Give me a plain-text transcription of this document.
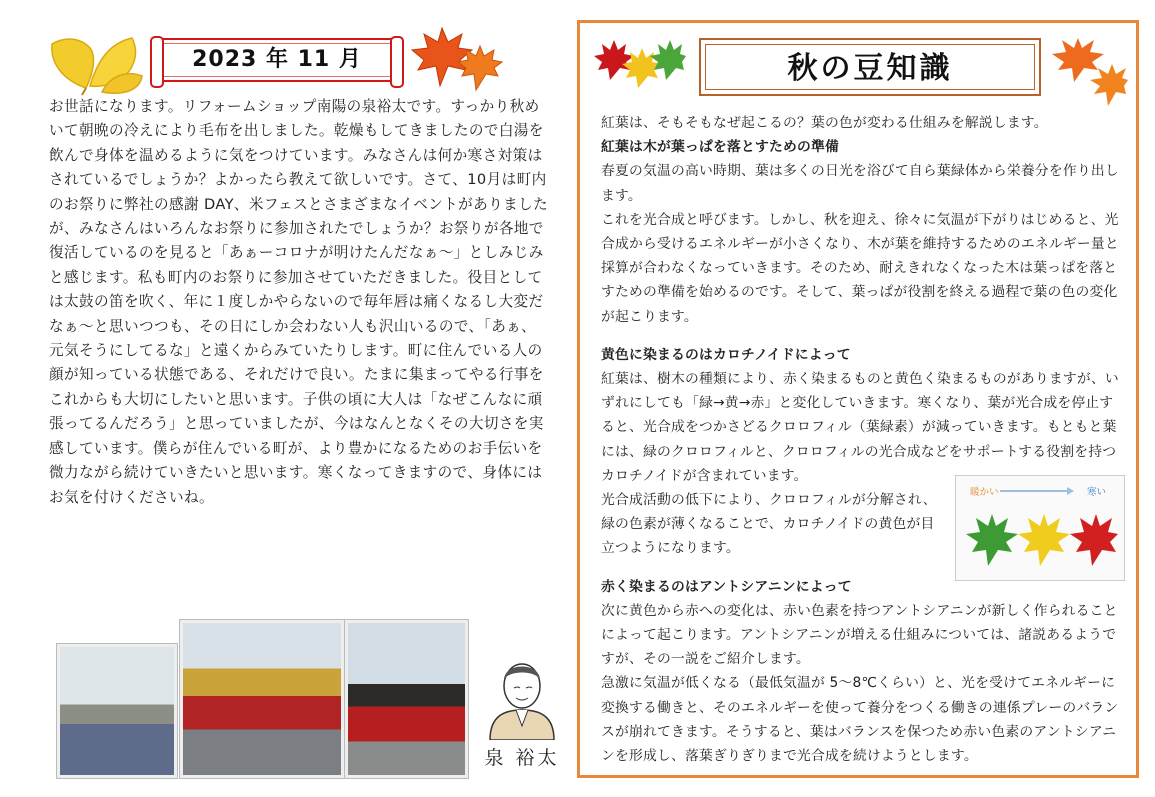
2023 年 11 月

お世話になります。リフォームショップ南陽の泉裕太です。すっかり秋めいて朝晩の冷えにより毛布を出しました。乾燥もしてきましたので白湯を飲んで身体を温めるように気をつけています。みなさんは何か寒さ対策はされているでしょうか？よかったら教えて欲しいです。さて、10月は町内のお祭りに弊社の感謝 DAY、米フェスとさまざまなイベントがありましたが、みなさんはいろんなお祭りに参加されたでしょうか？お祭りが各地で復活しているのを見ると「あぁーコロナが明けたんだなぁ～」としみじみと感じます。私も町内のお祭りに参加させていただきました。役目としては太鼓の笛を吹く、年に１度しかやらないので毎年唇は痛くなるし大変だなぁ～と思いつつも、その日にしか会わない人も沢山いるので、「あぁ、元気そうにしてるな」と遠くからみていたりします。町に住んでいる人の顔が知っている状態である、それだけで良い。たまに集まってやる行事をこれからも大切にしたいと思います。子供の頃に大人は「なぜこんなに頑張ってるんだろう」と思っていましたが、今はなんとなくその大切さを実感しています。僕らが住んでいる町が、より豊かになるためのお手伝いを微力ながら続けていきたいと思います。寒くなってきますので、身体にはお気を付けくださいね。

泉 裕太
秋の豆知識

紅葉は、そもそもなぜ起こるの？葉の色が変わる仕組みを解説します。

紅葉は木が葉っぱを落とすための準備

春夏の気温の高い時期、葉は多くの日光を浴びて自ら葉緑体から栄養分を作り出します。

これを光合成と呼びます。しかし、秋を迎え、徐々に気温が下がりはじめると、光合成から受けるエネルギーが小さくなり、木が葉を維持するためのエネルギー量と採算が合わなくなっていきます。そのため、耐えきれなくなった木は葉っぱを落とすための準備を始めるのです。そして、葉っぱが役割を終える過程で葉の色の変化が起こります。

黄色に染まるのはカロチノイドによって

紅葉は、樹木の種類により、赤く染まるものと黄色く染まるものがありますが、いずれにしても「緑→黄→赤」と変化していきます。寒くなり、葉が光合成を停止すると、光合成をつかさどるクロロフィル（葉緑素）が減っていきます。もともと葉には、緑のクロロフィルと、クロロフィルの光合成などをサポートする役割を持つカロチノイドが含まれています。

光合成活動の低下により、クロロフィルが分解され、緑の色素が薄くなることで、カロチノイドの黄色が目立つようになります。

赤く染まるのはアントシアニンによって

次に黄色から赤への変化は、赤い色素を持つアントシアニンが新しく作られることによって起こります。アントシアニンが増える仕組みについては、諸説あるようですが、その一説をご紹介します。

急激に気温が低くなる（最低気温が 5～8℃くらい）と、光を受けてエネルギーに変換する働きと、そのエネルギーを使って養分をつくる働きの連係プレーのバランスが崩れてきます。そうすると、葉はバランスを保つため赤い色素のアントシアニンを形成し、落葉ぎりぎりまで光合成を続けようとします。

暖かい	寒い
